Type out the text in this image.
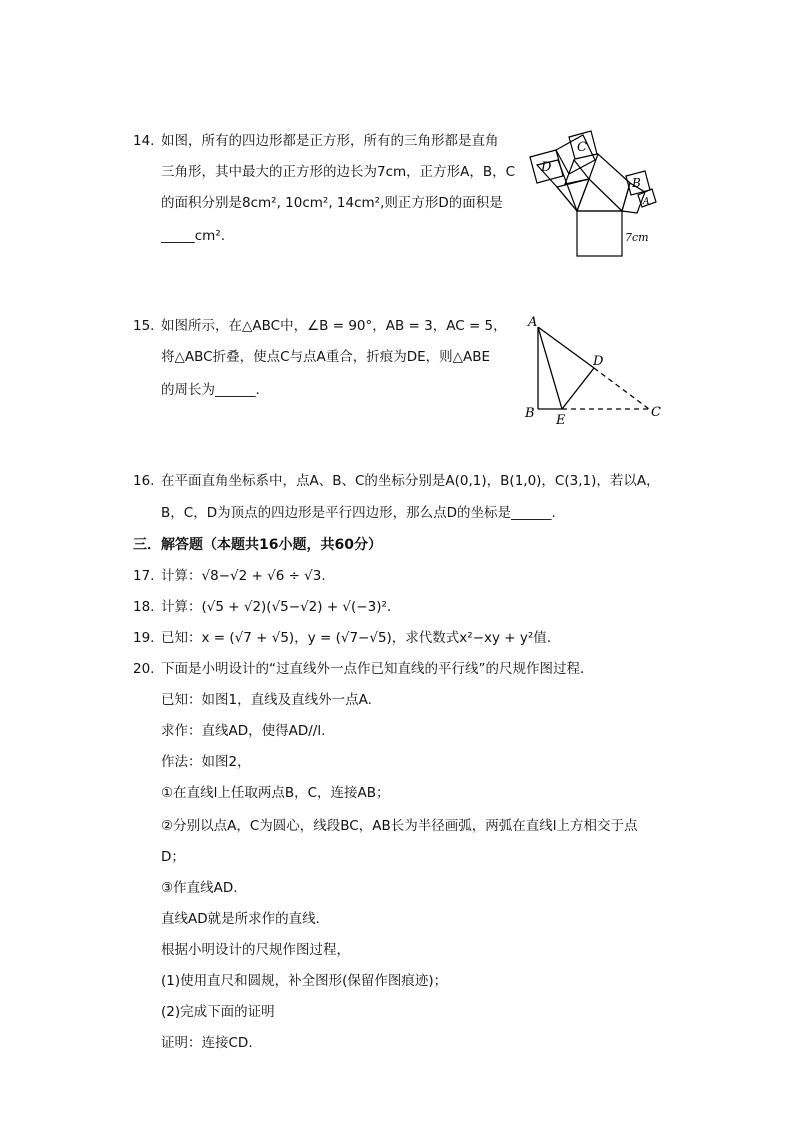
14. 如图，所有的四边形都是正方形，所有的三角形都是直角
三角形，其中最大的正方形的边长为7cm，正方形A，B，C
的面积分别是8cm², 10cm², 14cm²,则正方形D的面积是
_____cm².
D
C
B
A
7cm
15. 如图所示，在△ABC中，∠B = 90°，AB = 3，AC = 5，
将△ABC折叠，使点C与点A重合，折痕为DE，则△ABE
的周长为______.
A
B	C
D
E
16. 在平面直角坐标系中，点A、B、C的坐标分别是A(0,1)，B(1,0)，C(3,1)，若以A，
B，C，D为顶点的四边形是平行四边形，那么点D的坐标是______.
三．解答题（本题共16小题，共60分）
17. 计算：√8−√2 + √6 ÷ √3.
18. 计算：(√5 + √2)(√5−√2) + √(−3)².
19. 已知：x = (√7 + √5)，y = (√7−√5)，求代数式x²−xy + y²值.
20. 下面是小明设计的“过直线外一点作已知直线的平行线”的尺规作图过程．
已知：如图1，直线及直线外一点A.
求作：直线AD，使得AD//l.
作法：如图2，
①在直线l上任取两点B，C，连接AB；
②分别以点A，C为圆心，线段BC，AB长为半径画弧，两弧在直线l上方相交于点
D；
③作直线AD.
直线AD就是所求作的直线．
根据小明设计的尺规作图过程，
(1)使用直尺和圆规，补全图形(保留作图痕迹)；
(2)完成下面的证明
证明：连接CD.
